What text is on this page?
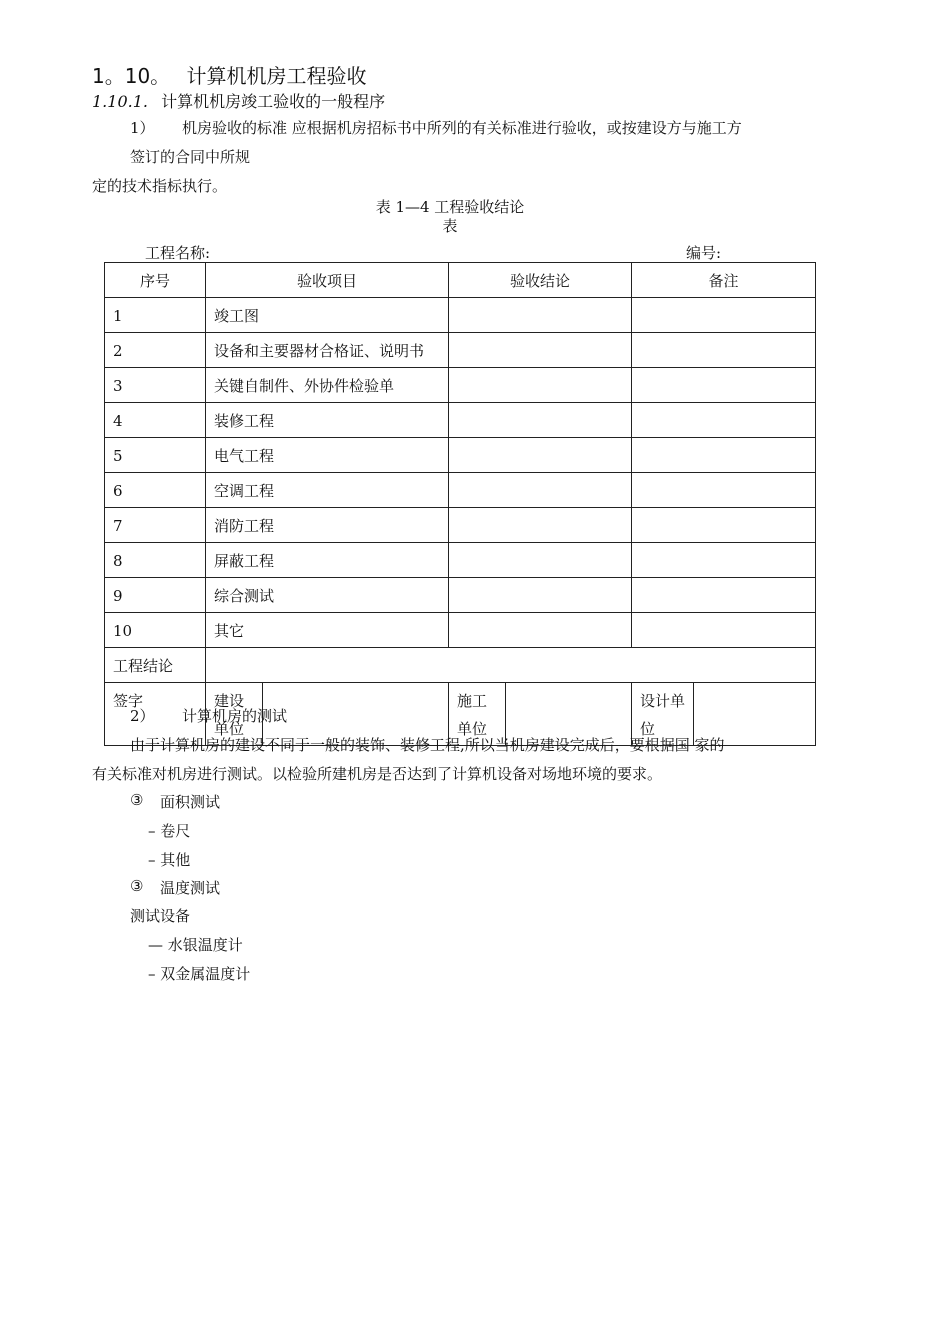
1。10。 计算机机房工程验收
1.10.1. 计算机机房竣工验收的一般程序
1） 机房验收的标准 应根据机房招标书中所列的有关标准进行验收，或按建设方与施工方
签订的合同中所规
定的技术指标执行。
表 1—4 工程验收结论
表
工程名称:	编号:
序号	验收项目		验收结论		备注	
1	竣工图					
2	设备和主要器材合格证、说明书					
3	关键自制件、外协件检验单					
4	装修工程					
5	电气工程					
6	空调工程					
7	消防工程					
8	屏蔽工程					
9	综合测试					
10	其它					
工程结论						
签字	建设单位		施工单位		设计单位	
2） 计算机房的测试
由于计算机房的建设不同于一般的装饰、装修工程,所以当机房建设完成后，要根据国 家的
有关标准对机房进行测试。以检验所建机房是否达到了计算机设备对场地环境的要求。
③ 面积测试
– 卷尺
– 其他
③ 温度测试
测试设备
— 水银温度计
– 双金属温度计
